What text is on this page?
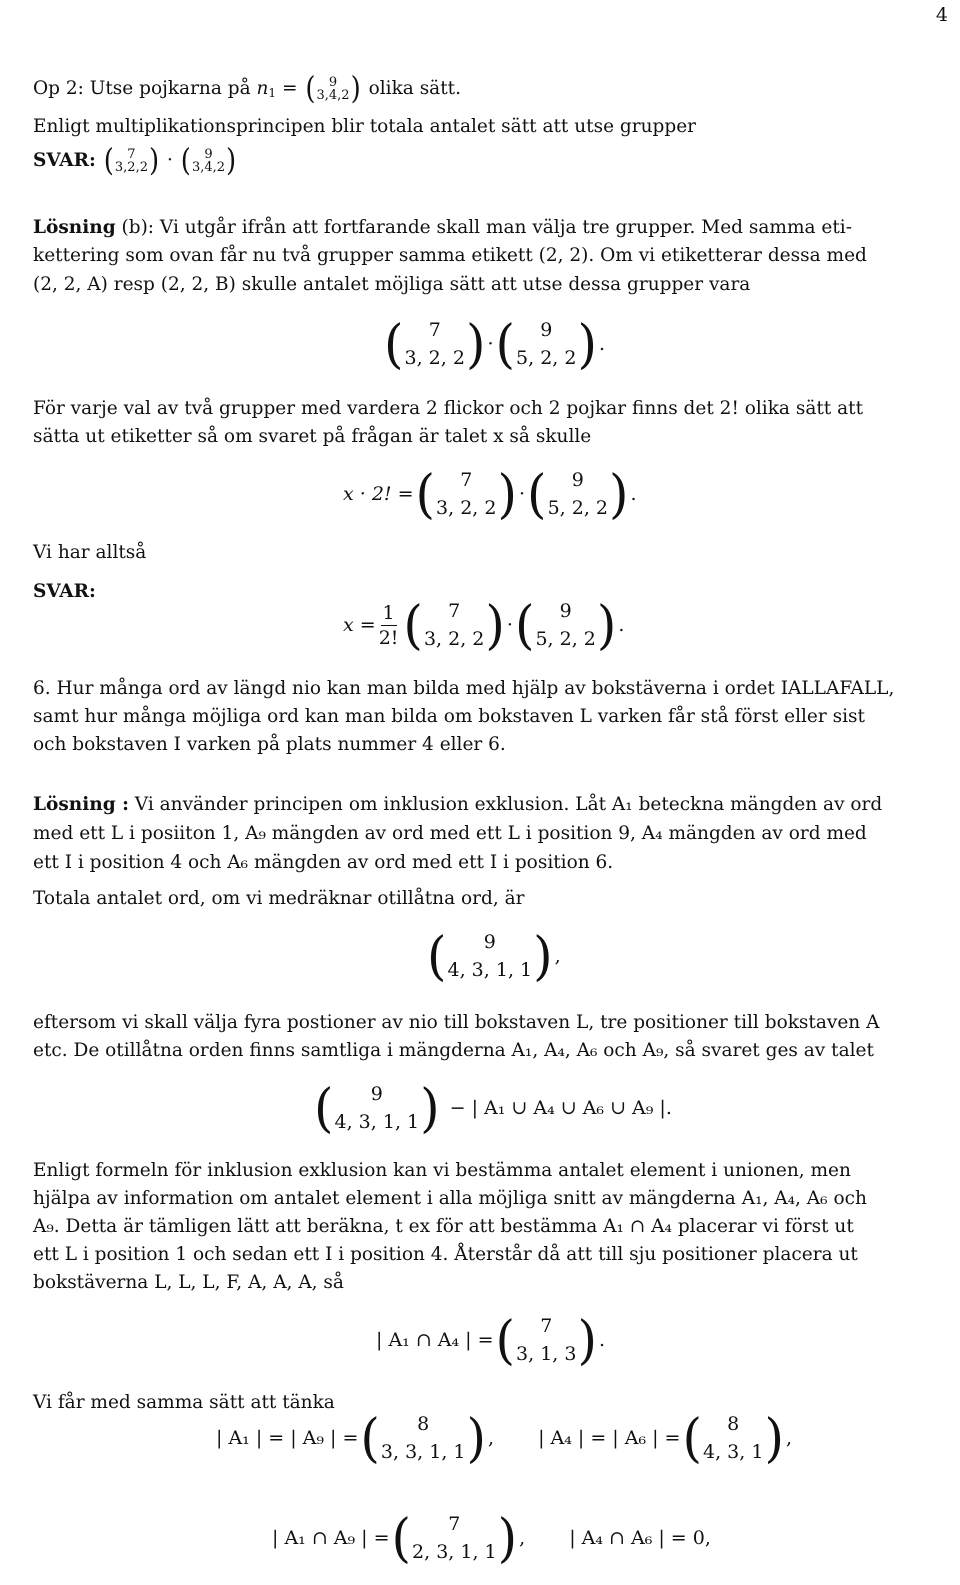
4
Op 2: Utse pojkarna på $n_1$ = ( 9
3,4,2 ) olika sätt.
Enligt multiplikationsprincipen blir totala antalet sätt att utse grupper
SVAR: ( 7
3,2,2 ) · ( 9
3,4,2 )
Lösning (b): Vi utgår ifrån att fortfarande skall man välja tre grupper. Med samma eti-
kettering som ovan får nu två grupper samma etikett (2, 2). Om vi etiketterar dessa med
(2, 2, A) resp (2, 2, B) skulle antalet möjliga sätt att utse dessa grupper vara
( 7
3, 2, 2 ) · ( 9
5, 2, 2 ) .
För varje val av två grupper med vardera 2 flickor och 2 pojkar finns det 2! olika sätt att
sätta ut etiketter så om svaret på frågan är talet x så skulle
x · 2! = ( 7
3, 2, 2 ) · ( 9
5, 2, 2 ) .
Vi har alltså
SVAR:
$x = \frac{1}{2!}$ ( 7
3, 2, 2 ) · ( 9
5, 2, 2 ) .
6. Hur många ord av längd nio kan man bilda med hjälp av bokstäverna i ordet IALLAFALL,
samt hur många möjliga ord kan man bilda om bokstaven L varken får stå först eller sist
och bokstaven I varken på plats nummer 4 eller 6.
Lösning : Vi använder principen om inklusion exklusion. Låt A₁ beteckna mängden av ord
med ett L i posiiton 1, A₉ mängden av ord med ett L i position 9, A₄ mängden av ord med
ett I i position 4 och A₆ mängden av ord med ett I i position 6.
Totala antalet ord, om vi medräknar otillåtna ord, är
( 9
4, 3, 1, 1 ) ,
eftersom vi skall välja fyra postioner av nio till bokstaven L, tre positioner till bokstaven A
etc. De otillåtna orden finns samtliga i mängderna A₁, A₄, A₆ och A₉, så svaret ges av talet
( 9
4, 3, 1, 1 ) − | A₁ ∪ A₄ ∪ A₆ ∪ A₉ |.
Enligt formeln för inklusion exklusion kan vi bestämma antalet element i unionen, men
hjälpa av information om antalet element i alla möjliga snitt av mängderna A₁, A₄, A₆ och
A₉. Detta är tämligen lätt att beräkna, t ex för att bestämma A₁ ∩ A₄ placerar vi först ut
ett L i position 1 och sedan ett I i position 4. Återstår då att till sju positioner placera ut
bokstäverna L, L, L, F, A, A, A, så
| A₁ ∩ A₄ | = ( 7
3, 1, 3 ) .
Vi får med samma sätt att tänka
| A₁ | = | A₉ | = ( 8
3, 3, 1, 1 ) , | A₄ | = | A₆ | = ( 8
4, 3, 1 ) ,
| A₁ ∩ A₉ | = ( 7
2, 3, 1, 1 ) , | A₄ ∩ A₆ | = 0,
